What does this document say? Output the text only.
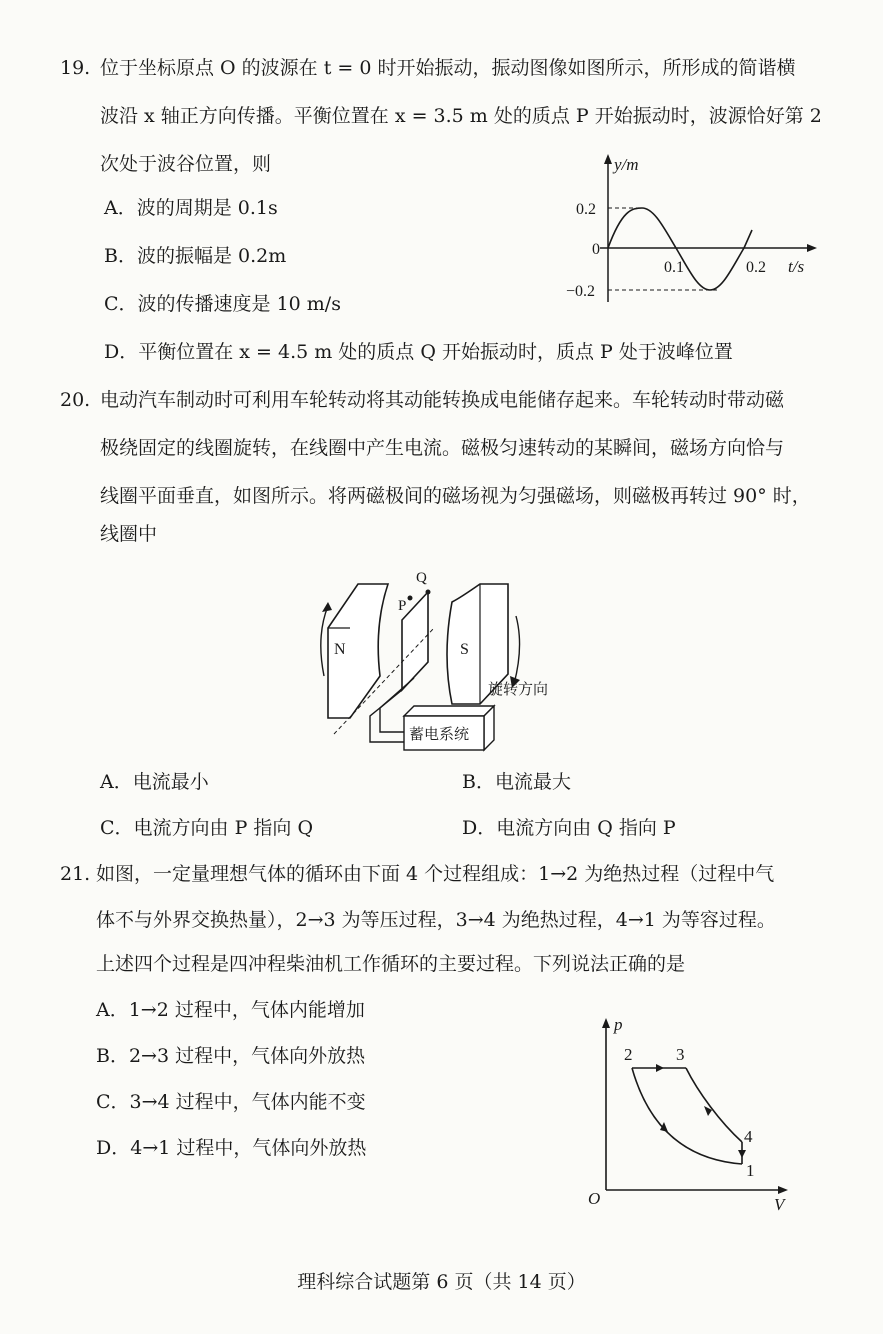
19. 位于坐标原点 O 的波源在 t = 0 时开始振动，振动图像如图所示，所形成的简谐横
波沿 x 轴正方向传播。平衡位置在 x = 3.5 m 处的质点 P 开始振动时，波源恰好第 2
次处于波谷位置，则
A．波的周期是 0.1s
B．波的振幅是 0.2m
C．波的传播速度是 10 m/s
D．平衡位置在 x = 4.5 m 处的质点 Q 开始振动时，质点 P 处于波峰位置
y/m
0.2
0
−0.2
0.1	0.2 t/s
20. 电动汽车制动时可利用车轮转动将其动能转换成电能储存起来。车轮转动时带动磁
极绕固定的线圈旋转，在线圈中产生电流。磁极匀速转动的某瞬间，磁场方向恰与
线圈平面垂直，如图所示。将两磁极间的磁场视为匀强磁场，则磁极再转过 90° 时，
线圈中
N	S
P
Q
蓄电系统
旋转方向
A．电流最小	B．电流最大
C．电流方向由 P 指向 Q	D．电流方向由 Q 指向 P
21. 如图，一定量理想气体的循环由下面 4 个过程组成：1→2 为绝热过程（过程中气
体不与外界交换热量），2→3 为等压过程，3→4 为绝热过程，4→1 为等容过程。
上述四个过程是四冲程柴油机工作循环的主要过程。下列说法正确的是
A．1→2 过程中，气体内能增加
B．2→3 过程中，气体向外放热
C．3→4 过程中，气体内能不变
D．4→1 过程中，气体向外放热
p
V
O
1
2	3
4
理科综合试题第 6 页（共 14 页）
